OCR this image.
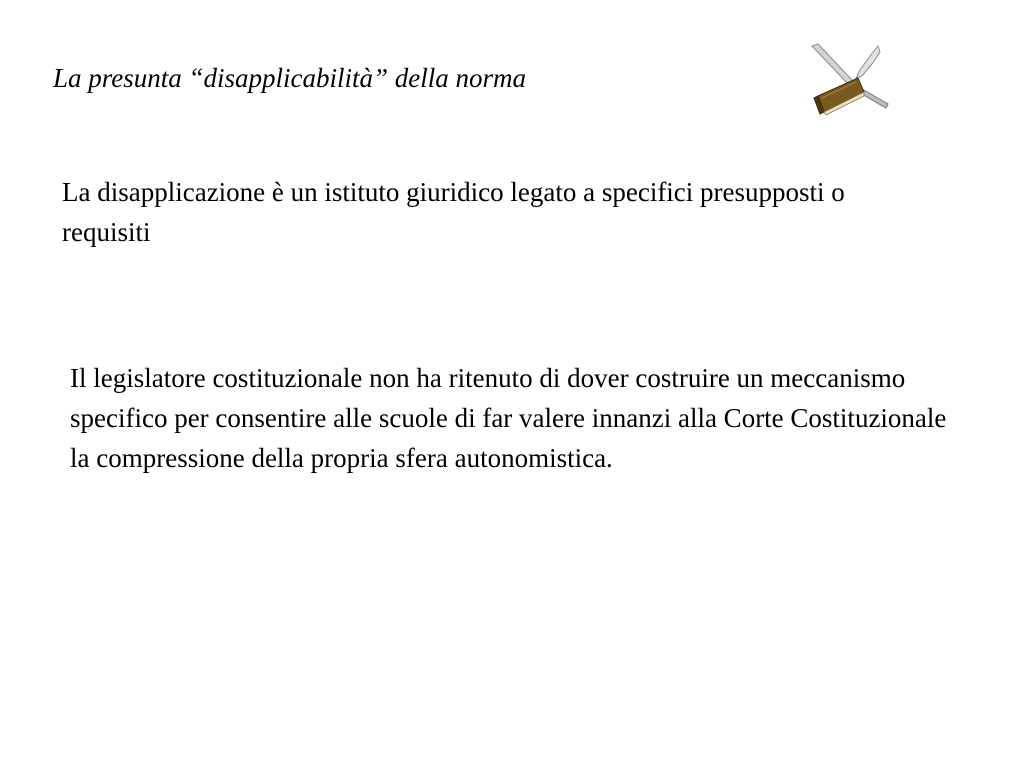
La presunta “disapplicabilità” della norma
La disapplicazione è un istituto giuridico legato a specifici presupposti o requisiti
Il legislatore costituzionale non ha ritenuto di dover costruire un meccanismo specifico per consentire alle scuole di far valere innanzi alla Corte Costituzionale la compressione della propria sfera autonomistica.
